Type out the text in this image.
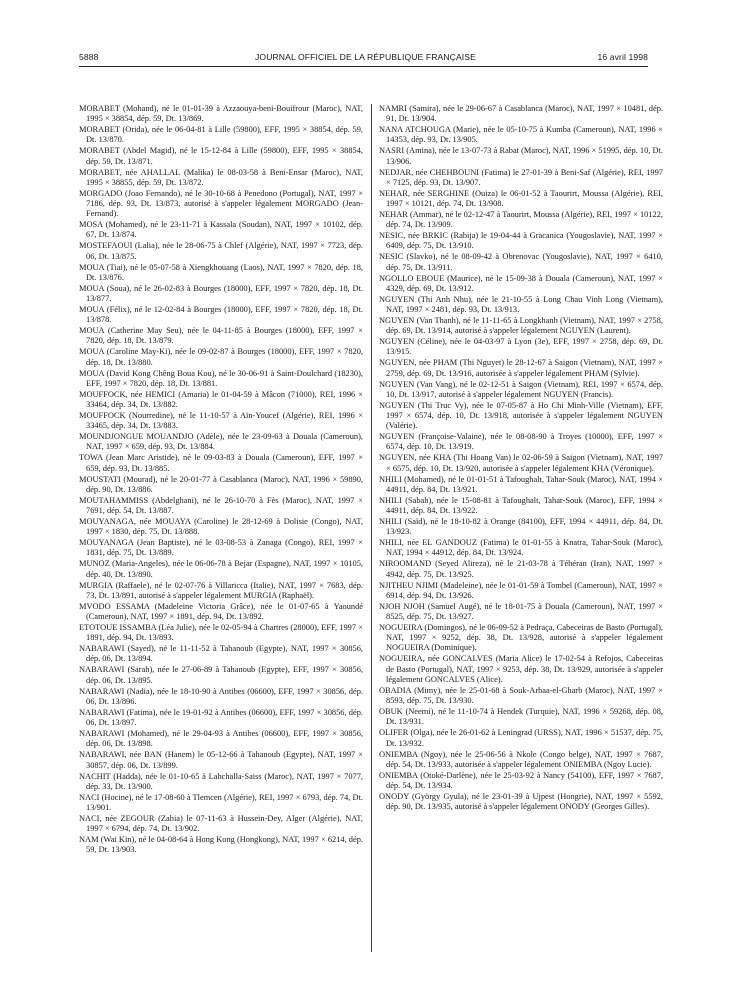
5888	JOURNAL OFFICIEL DE LA RÉPUBLIQUE FRANÇAISE	16 avril 1998

MORABET (Mohand), né le 01-01-39 à Azzaouya-beni-Bouifrour (Maroc), NAT, 1995 × 38854, dép. 59, Dt. 13/869.

MORABET (Orida), née le 06-04-81 à Lille (59800), EFF, 1995 × 38854, dép. 59, Dt. 13/870.

MORABET (Abdel Magid), né le 15-12-84 à Lille (59800), EFF, 1995 × 38854, dép. 59, Dt. 13/871.

MORABET, née AHALLAL (Malika) le 08-03-58 à Beni-Ensar (Maroc), NAT, 1995 × 38855, dép. 59, Dt. 13/872.

MORGADO (Joao Fernando), né le 30-10-68 à Penedono (Portugal), NAT, 1997 × 7186, dép. 93, Dt. 13/873, autorisé à s'appeler légalement MORGADO (Jean-Fernand).

MOSA (Mohamed), né le 23-11-71 à Kassala (Soudan), NAT, 1997 × 10102, dép. 67, Dt. 13/874.

MOSTEFAOUI (Lalia), née le 28-06-75 à Chlef (Algérie), NAT, 1997 × 7723, dép. 06, Dt. 13/875.

MOUA (Tiai), né le 05-07-58 à Xiengkhouang (Laos), NAT, 1997 × 7820, dép. 18, Dt. 13/876.

MOUA (Soua), né le 26-02-83 à Bourges (18000), EFF, 1997 × 7820, dép. 18, Dt. 13/877.

MOUA (Félix), né le 12-02-84 à Bourges (18000), EFF, 1997 × 7820, dép. 18, Dt. 13/878.

MOUA (Catherine May Seu), née le 04-11-85 à Bourges (18000), EFF, 1997 × 7820, dép. 18, Dt. 13/879.

MOUA (Caroline May-Ki), née le 09-02-87 à Bourges (18000), EFF, 1997 × 7820, dép. 18, Dt. 13/880.

MOUA (David Kong Chêng Boua Kou), né le 30-06-91 à Saint-Doulchard (18230), EFF, 1997 × 7820, dép. 18, Dt. 13/881.

MOUFFOCK, née HEMICI (Amaria) le 01-04-59 à Mâcon (71000), REI, 1996 × 33464, dép. 34, Dt. 13/882.

MOUFFOCK (Nourredine), né le 11-10-57 à Aïn-Youcef (Algérie), REI, 1996 × 33465, dép. 34, Dt. 13/883.

MOUNDJONGUE MOUANDJO (Adèle), née le 23-09-63 à Douala (Cameroun), NAT, 1997 × 659, dép. 93, Dt. 13/884.

TOWA (Jean Marc Aristide), né le 09-03-83 à Douala (Cameroun), EFF, 1997 × 659, dép. 93, Dt. 13/885.

MOUSTATI (Mourad), né le 20-01-77 à Casablanca (Maroc), NAT, 1996 × 59890, dép. 90, Dt. 13/886.

MOUTAHAMMISS (Abdelghani), né le 26-10-70 à Fès (Maroc), NAT, 1997 × 7691, dép. 54, Dt. 13/887.

MOUYANAGA, née MOUAYA (Caroline) le 28-12-69 à Dolisie (Congo), NAT, 1997 × 1830, dép. 75, Dt. 13/888.

MOUYANAGA (Jean Baptiste), né le 03-08-53 à Zanaga (Congo), REI, 1997 × 1831, dép. 75, Dt. 13/889.

MUNOZ (Maria-Angeles), née le 06-06-78 à Bejar (Espagne), NAT, 1997 × 10105, dép. 40, Dt. 13/890.

MURGIA (Raffaele), né le 02-07-76 à Villaricca (Italie), NAT, 1997 × 7683, dép. 73, Dt. 13/891, autorisé à s'appeler légalement MURGIA (Raphaël).

MVODO ESSAMA (Madeleine Victoria Grâce), née le 01-07-65 à Yaoundé (Cameroun), NAT, 1997 × 1891, dép. 94, Dt. 13/892.

ETOTOUE ISSAMBA (Léa Julie), née le 02-05-94 à Chartres (28000), EFF, 1997 × 1891, dép. 94, Dt. 13/893.

NABARAWI (Sayed), né le 11-11-52 à Tahanoub (Egypte), NAT, 1997 × 30856, dép. 06, Dt. 13/894.

NABARAWI (Sarah), née le 27-06-89 à Tahanoub (Egypte), EFF, 1997 × 30856, dép. 06, Dt. 13/895.

NABARAWI (Nadia), née le 18-10-90 à Antibes (06600), EFF, 1997 × 30856, dép. 06, Dt. 13/896.

NABARAWI (Fatima), née le 19-01-92 à Antibes (06600), EFF, 1997 × 30856, dép. 06, Dt. 13/897.

NABARAWI (Mohamed), né le 29-04-93 à Antibes (06600), EFF, 1997 × 30856, dép. 06, Dt. 13/898.

NABARAWI, née BAN (Hanem) le 05-12-66 à Tahanoub (Egypte), NAT, 1997 × 30857, dép. 06, Dt. 13/899.

NACHIT (Hadda), née le 01-10-65 à Lahchalla-Saiss (Maroc), NAT, 1997 × 7077, dép. 33, Dt. 13/900.

NACI (Hocine), né le 17-08-60 à Tlemcen (Algérie), REI, 1997 × 6793, dép. 74, Dt. 13/901.

NACI, née ZEGOUR (Zahia) le 07-11-63 à Hussein-Dey, Alger (Algérie), NAT, 1997 × 6794, dép. 74, Dt. 13/902.

NAM (Wai Kin), né le 04-08-64 à Hong Kong (Hongkong), NAT, 1997 × 6214, dép. 59, Dt. 13/903.

NAMRI (Samira), née le 29-06-67 à Casablanca (Maroc), NAT, 1997 × 10481, dép. 91, Dt. 13/904.

NANA ATCHOUGA (Marie), née le 05-10-75 à Kumba (Cameroun), NAT, 1996 × 14353, dép. 93, Dt. 13/905.

NASRI (Amina), née le 13-07-73 à Rabat (Maroc), NAT, 1996 × 51995, dép. 10, Dt. 13/906.

NEDJAR, née CHEHBOUNI (Fatima) le 27-01-39 à Beni-Saf (Algérie), REI, 1997 × 7125, dép. 93, Dt. 13/907.

NEHAR, née SERGHINE (Ouiza) le 06-01-52 à Taourirt, Moussa (Algérie), REI, 1997 × 10121, dép. 74, Dt. 13/908.

NEHAR (Ammar), né le 02-12-47 à Taourirt, Moussa (Algérie), REI, 1997 × 10122, dép. 74, Dt. 13/909.

NESIC, née BRKIC (Rabija) le 19-04-44 à Gracanica (Yougoslavie), NAT, 1997 × 6409, dép. 75, Dt. 13/910.

NESIC (Slavko), né le 08-09-42 à Obrenovac (Yougoslavie), NAT, 1997 × 6410, dép. 75, Dt. 13/911.

NGOLLO EBOUE (Maurice), né le 15-09-38 à Douala (Cameroun), NAT, 1997 × 4329, dép. 69, Dt. 13/912.

NGUYEN (Thi Anh Nhu), née le 21-10-55 à Long Chau Vinh Long (Vietnam), NAT, 1997 × 2481, dép. 93, Dt. 13/913.

NGUYEN (Van Thanh), né le 11-11-65 à Longkhanh (Vietnam), NAT, 1997 × 2758, dép. 69, Dt. 13/914, autorisé à s'appeler légalement NGUYEN (Laurent).

NGUYEN (Céline), née le 04-03-97 à Lyon (3e), EFF, 1997 × 2758, dép. 69, Dt. 13/915.

NGUYEN, née PHAM (Thi Nguyet) le 28-12-67 à Saigon (Vietnam), NAT, 1997 × 2759, dép. 69, Dt. 13/916, autorisée à s'appeler légalement PHAM (Sylvie).

NGUYEN (Van Vang), né le 02-12-51 à Saigon (Vietnam), REI, 1997 × 6574, dép. 10, Dt. 13/917, autorisé à s'appeler légalement NGUYEN (Francis).

NGUYEN (Thi Truc Vy), née le 07-05-87 à Ho Chi Minh-Ville (Vietnam), EFF, 1997 × 6574, dép. 10, Dt. 13/918, autorisée à s'appeler légalement NGUYEN (Valérie).

NGUYEN (Françoise-Valaine), née le 08-08-90 à Troyes (10000), EFF, 1997 × 6574, dép. 10, Dt. 13/919.

NGUYEN, née KHA (Thi Hoang Van) le 02-06-59 à Saigon (Vietnam), NAT, 1997 × 6575, dép. 10, Dt. 13/920, autorisée à s'appeler légalement KHA (Véronique).

NHILI (Mohamed), né le 01-01-51 à Tafoughalt, Tahar-Souk (Maroc), NAT, 1994 × 44911, dép. 84, Dt. 13/921.

NHILI (Sabah), née le 15-08-81 à Tafoughalt, Tahar-Souk (Maroc), EFF, 1994 × 44911, dép. 84, Dt. 13/922.

NHILI (Saïd), né le 18-10-82 à Orange (84100), EFF, 1994 × 44911, dép. 84, Dt. 13/923.

NHILI, née EL GANDOUZ (Fatima) le 01-01-55 à Knatra, Tahar-Souk (Maroc), NAT, 1994 × 44912, dép. 84, Dt. 13/924.

NIROOMAND (Seyed Alireza), né le 21-03-78 à Téhéran (Iran), NAT, 1997 × 4942, dép. 75, Dt. 13/925.

NJITHEU NJIMI (Madeleine), née le 01-01-59 à Tombel (Cameroun), NAT, 1997 × 6914, dép. 94, Dt. 13/926.

NJOH NJOH (Samuel Augé), né le 18-01-75 à Douala (Cameroun), NAT, 1997 × 8525, dép. 75, Dt. 13/927.

NOGUEIRA (Domingos), né le 06-09-52 à Pedraça, Cabeceiras de Basto (Portugal), NAT, 1997 × 9252, dép. 38, Dt. 13/928, autorisé à s'appeler légalement NOGUEIRA (Dominique).

NOGUEIRA, née GONCALVES (Maria Alice) le 17-02-54 à Refojos, Cabeceiras de Basto (Portugal), NAT, 1997 × 9253, dép. 38, Dt. 13/929, autorisée à s'appeler légalement GONCALVES (Alice).

OBADIA (Mimy), née le 25-01-68 à Souk-Arbaa-el-Gharb (Maroc), NAT, 1997 × 8593, dép. 75, Dt. 13/930.

OBUK (Neemi), né le 11-10-74 à Hendek (Turquie), NAT, 1996 × 59268, dép. 08, Dt. 13/931.

OLIFER (Olga), née le 26-01-62 à Leningrad (URSS), NAT, 1996 × 51537, dép. 75, Dt. 13/932.

ONIEMBA (Ngoy), née le 25-06-56 à Nkole (Congo belge), NAT, 1997 × 7687, dép. 54, Dt. 13/933, autorisée à s'appeler légalement ONIEMBA (Ngoy Lucie).

ONIEMBA (Otoké-Darlène), née le 25-03-92 à Nancy (54100), EFF, 1997 × 7687, dép. 54, Dt. 13/934.

ONODY (György Gyula), né le 23-01-39 à Ujpest (Hongrie), NAT, 1997 × 5592, dép. 90, Dt. 13/935, autorisé à s'appeler légalement ONODY (Georges Gilles).
